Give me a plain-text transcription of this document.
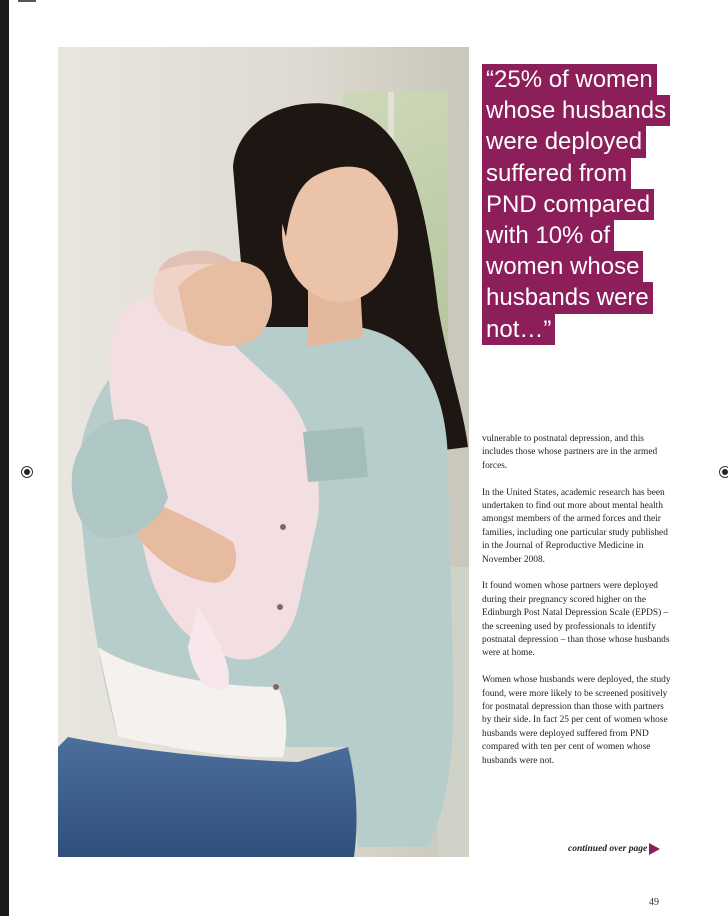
“25% of women
whose husbands
were deployed
suffered from
PND compared
with 10% of
women whose
husbands were
not…”

vulnerable to postnatal depression, and this includes those whose partners are in the armed forces.

In the United States, academic research has been undertaken to find out more about mental health amongst members of the armed forces and their families, including one particular study published in the Journal of Reproductive Medicine in November 2008.

It found women whose partners were deployed during their pregnancy scored higher on the Edinburgh Post Natal Depression Scale (EPDS) – the screening used by professionals to identify postnatal depression – than those whose husbands were at home.

Women whose husbands were deployed, the study found, were more likely to be screened positively for postnatal depression than those with partners by their side. In fact 25 per cent of women whose husbands were deployed suffered from PND compared with ten per cent of women whose husbands were not.

continued over page
49
